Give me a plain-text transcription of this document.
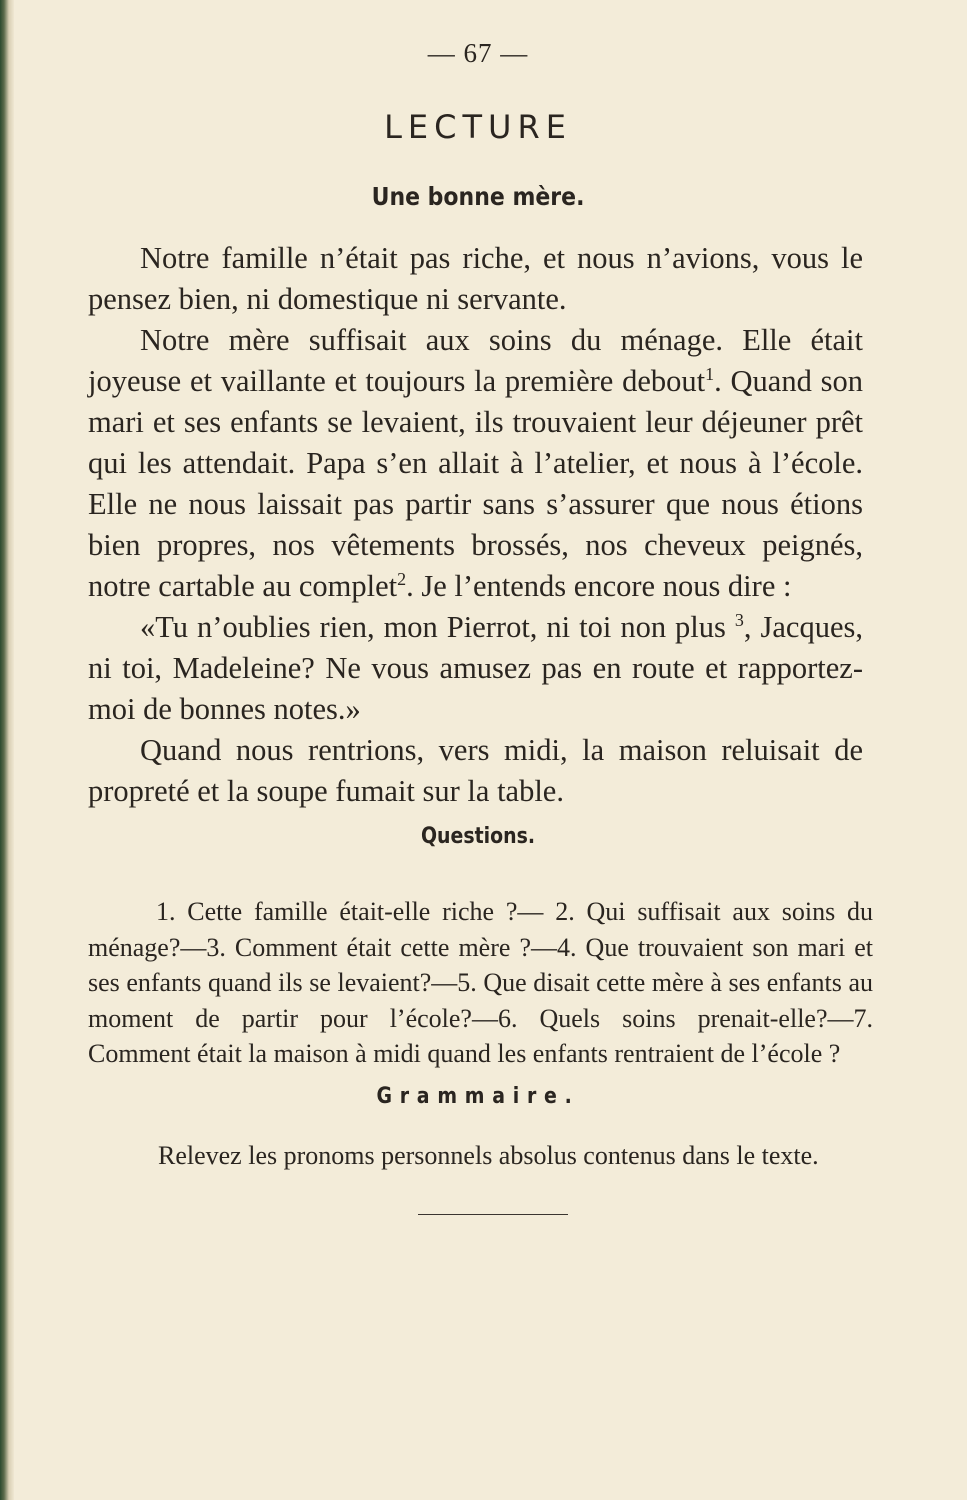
— 67 —
LECTURE
Une bonne mère.

Notre famille n’était pas riche, et nous n’avions, vous le pensez bien, ni domestique ni servante.

Notre mère suffisait aux soins du ménage. Elle était joyeuse et vaillante et toujours la première debout$^1$. Quand son mari et ses enfants se levaient, ils trouvaient leur déjeuner prêt qui les attendait. Papa s’en allait à l’atelier, et nous à l’école. Elle ne nous laissait pas partir sans s’assurer que nous étions bien propres, nos vêtements brossés, nos cheveux peignés, notre cartable au complet$^2$. Je l’entends encore nous dire :

«Tu n’oublies rien, mon Pierrot, ni toi non plus $^3$, Jacques, ni toi, Madeleine? Ne vous amusez pas en route et rapportez-moi de bonnes notes.»

Quand nous rentrions, vers midi, la maison reluisait de propreté et la soupe fumait sur la table.

Questions.
1. Cette famille était-elle riche ?— 2. Qui suffisait aux soins du ménage?—3. Comment était cette mère ?—4. Que trouvaient son mari et ses enfants quand ils se levaient?—5. Que disait cette mère à ses enfants au moment de partir pour l’école?—6. Quels soins prenait-elle?—7. Comment était la maison à midi quand les enfants rentraient de l’école ?
Grammaire.
Relevez les pronoms personnels absolus contenus dans le texte.
